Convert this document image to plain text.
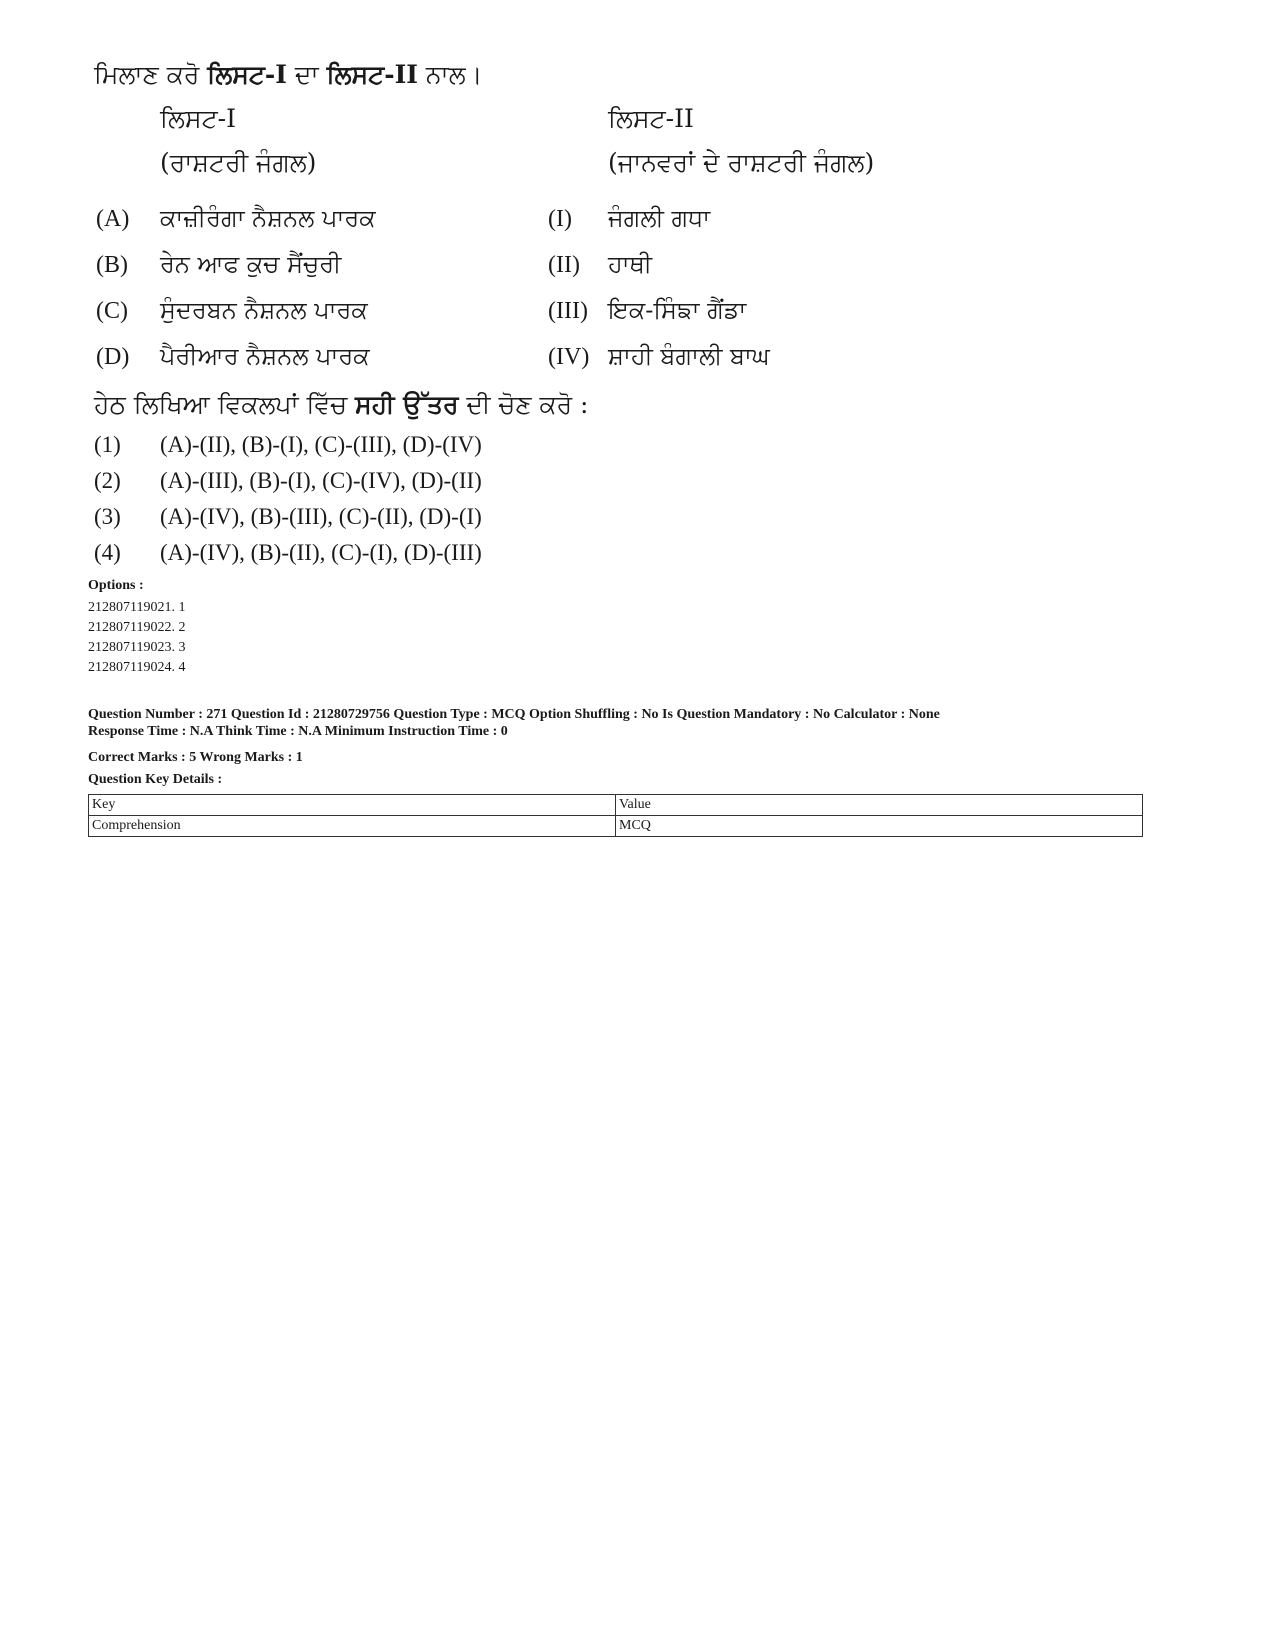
ਮਿਲਾਣ ਕਰੋ ਲਿਸਟ-I ਦਾ ਲਿਸਟ-II ਨਾਲ।
ਲਿਸਟ-I
(ਰਾਸ਼ਟਰੀ ਜੰਗਲ)
ਲਿਸਟ-II
(ਜਾਨਵਰਾਂ ਦੇ ਰਾਸ਼ਟਰੀ ਜੰਗਲ)
(A) ਕਾਜ਼ੀਰੰਗਾ ਨੈਸ਼ਨਲ ਪਾਰਕ	(I) ਜੰਗਲੀ ਗਧਾ
(B) ਰੇਨ ਆਫ ਕੁਚ ਸੈਂਚੁਰੀ	(II) ਹਾਥੀ
(C) ਸੁੰਦਰਬਨ ਨੈਸ਼ਨਲ ਪਾਰਕ	(III) ਇਕ-ਸਿੰਙਾ ਗੈਂਡਾ
(D) ਪੈਰੀਆਰ ਨੈਸ਼ਨਲ ਪਾਰਕ	(IV) ਸ਼ਾਹੀ ਬੰਗਾਲੀ ਬਾਘ
ਹੇਠ ਲਿਖਿਆ ਵਿਕਲਪਾਂ ਵਿੱਚ ਸਹੀ ਉੱਤਰ ਦੀ ਚੋਣ ਕਰੋ :
(1) (A)-(II), (B)-(I), (C)-(III), (D)-(IV)
(2) (A)-(III), (B)-(I), (C)-(IV), (D)-(II)
(3) (A)-(IV), (B)-(III), (C)-(II), (D)-(I)
(4) (A)-(IV), (B)-(II), (C)-(I), (D)-(III)
Options :
212807119021. 1
212807119022. 2
212807119023. 3
212807119024. 4

Question Number : 271 Question Id : 21280729756 Question Type : MCQ Option Shuffling : No Is Question Mandatory : No Calculator : None

Response Time : N.A Think Time : N.A Minimum Instruction Time : 0

Correct Marks : 5 Wrong Marks : 1
Question Key Details :
Key	Value
Comprehension	MCQ
